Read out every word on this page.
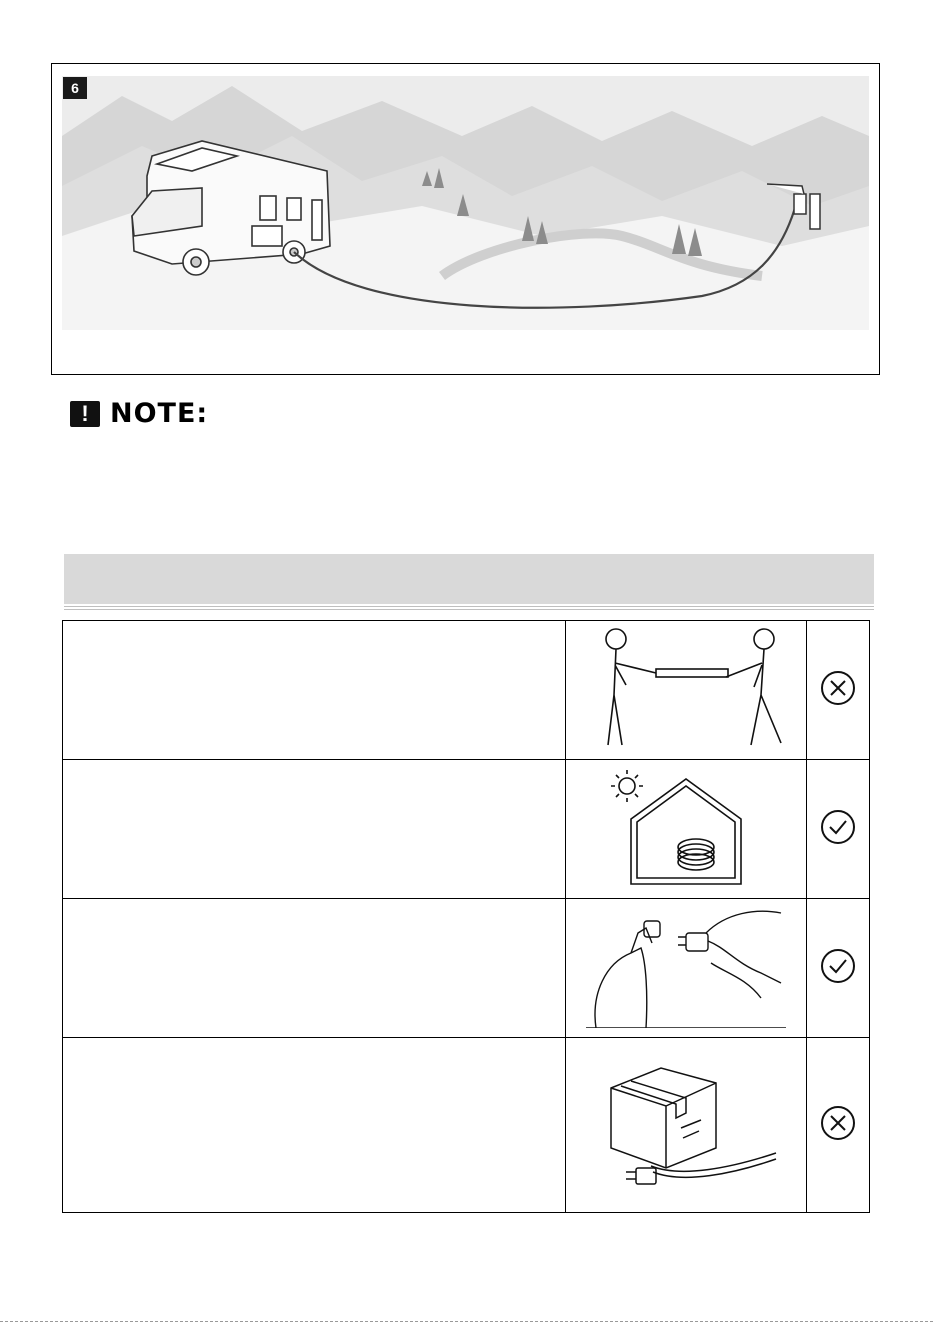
6
! NOTE:
